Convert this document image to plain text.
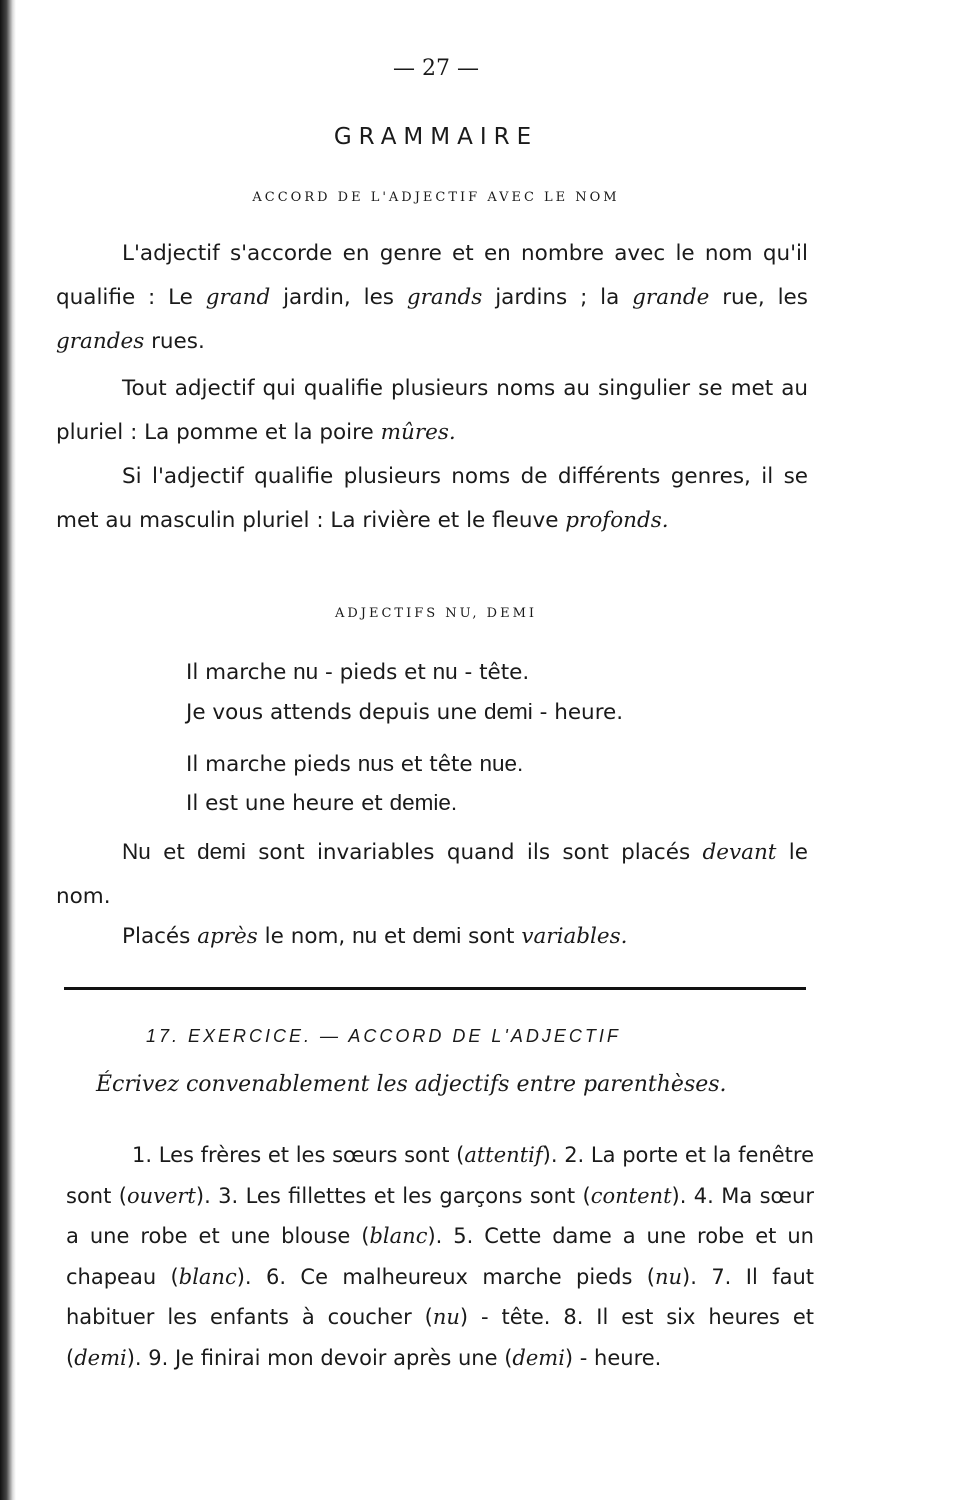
— 27 —
GRAMMAIRE
ACCORD DE L'ADJECTIF AVEC LE NOM
L'adjectif s'accorde en genre et en nombre avec le nom qu'il qualifie : Le grand jardin, les grands jardins ; la grande rue, les grandes rues.
Tout adjectif qui qualifie plusieurs noms au singulier se met au pluriel : La pomme et la poire mûres.
Si l'adjectif qualifie plusieurs noms de différents genres, il se met au masculin pluriel : La rivière et le fleuve profonds.
ADJECTIFS NU, DEMI
Il marche nu - pieds et nu - tête.
Je vous attends depuis une demi - heure.
Il marche pieds nus et tête nue.
Il est une heure et demie.
Nu et demi sont invariables quand ils sont placés devant le nom.
Placés après le nom, nu et demi sont variables.
17. EXERCICE. — ACCORD DE L'ADJECTIF
Écrivez convenablement les adjectifs entre parenthèses.
1. Les frères et les sœurs sont (attentif). 2. La porte et la fenêtre sont (ouvert). 3. Les fillettes et les garçons sont (content). 4. Ma sœur a une robe et une blouse (blanc). 5. Cette dame a une robe et un chapeau (blanc). 6. Ce malheureux marche pieds (nu). 7. Il faut habituer les enfants à coucher (nu) - tête. 8. Il est six heures et (demi). 9. Je finirai mon devoir après une (demi) - heure.
